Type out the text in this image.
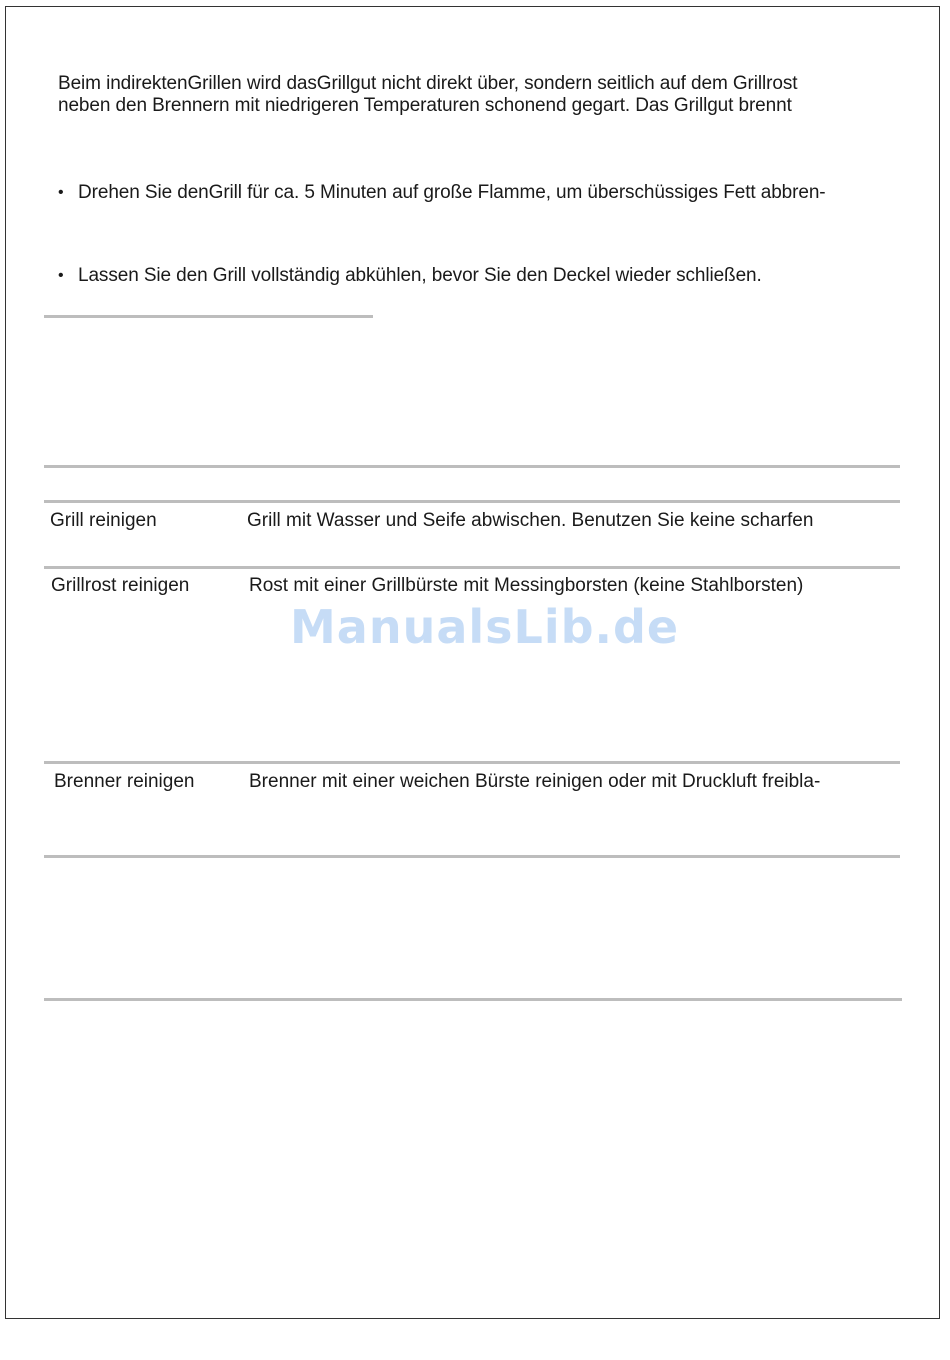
Beim indirektenGrillen wird dasGrillgut nicht direkt über, sondern seitlich auf dem Grillrost
neben den Brennern mit niedrigeren Temperaturen schonend gegart. Das Grillgut brennt
• Drehen Sie denGrill für ca. 5 Minuten auf große Flamme, um überschüssiges Fett abbren-
• Lassen Sie den Grill vollständig abkühlen, bevor Sie den Deckel wieder schließen.
Grill reinigen	Grill mit Wasser und Seife abwischen. Benutzen Sie keine scharfen
Grillrost reinigen	Rost mit einer Grillbürste mit Messingborsten (keine Stahlborsten)
Brenner reinigen	Brenner mit einer weichen Bürste reinigen oder mit Druckluft freibla-
ManualsLib.de
